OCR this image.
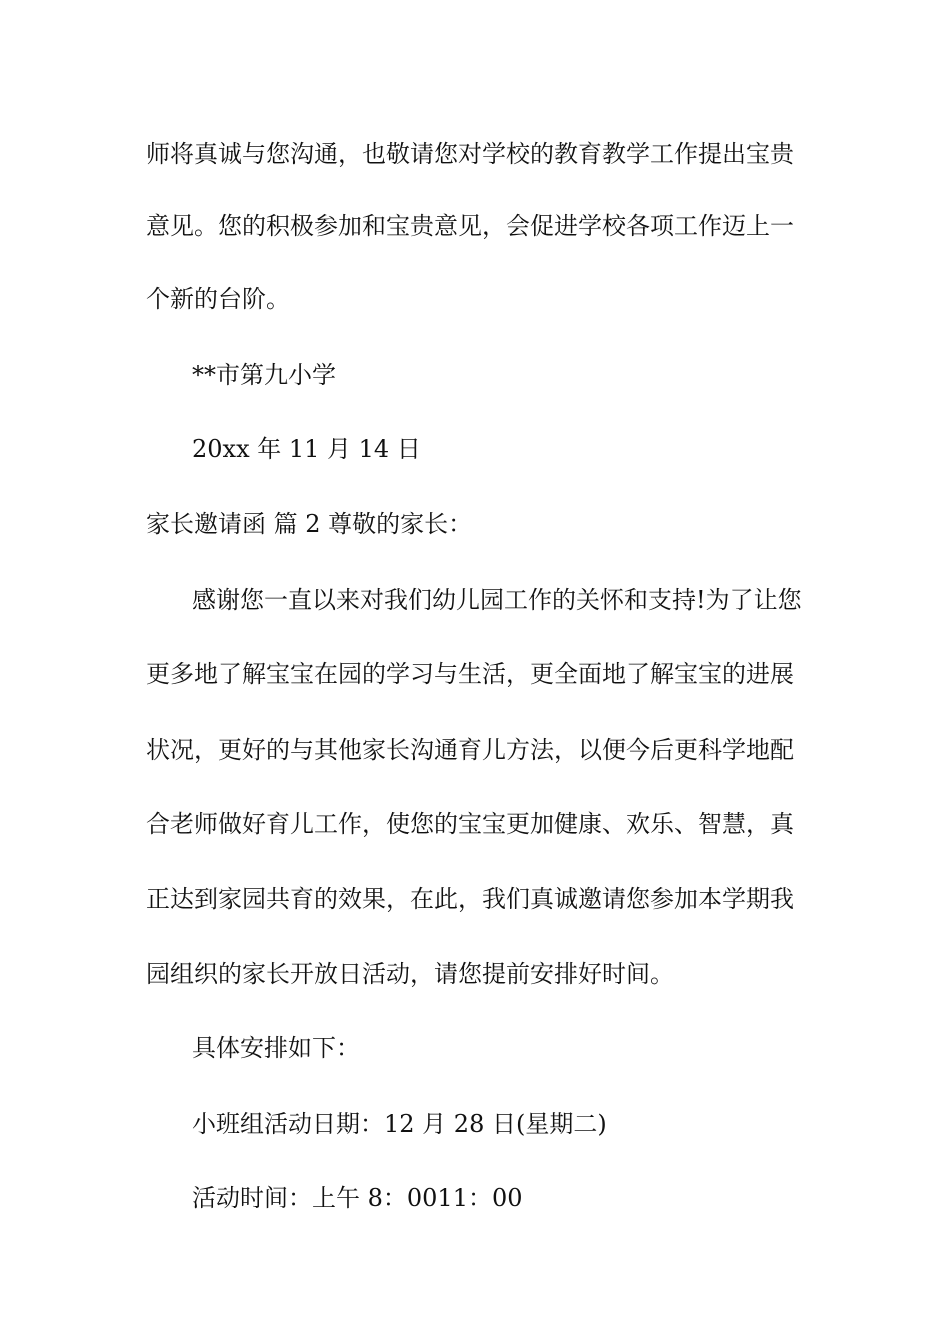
师将真诚与您沟通，也敬请您对学校的教育教学工作提出宝贵
意见。您的积极参加和宝贵意见，会促进学校各项工作迈上一
个新的台阶。
**市第九小学
20xx 年 11 月 14 日
家长邀请函 篇 2 尊敬的家长：
感谢您一直以来对我们幼儿园工作的关怀和支持!为了让您
更多地了解宝宝在园的学习与生活，更全面地了解宝宝的进展
状况，更好的与其他家长沟通育儿方法，以便今后更科学地配
合老师做好育儿工作，使您的宝宝更加健康、欢乐、智慧，真
正达到家园共育的效果，在此，我们真诚邀请您参加本学期我
园组织的家长开放日活动，请您提前安排好时间。
具体安排如下：
小班组活动日期：12 月 28 日(星期二)
活动时间：上午 8：0011：00
